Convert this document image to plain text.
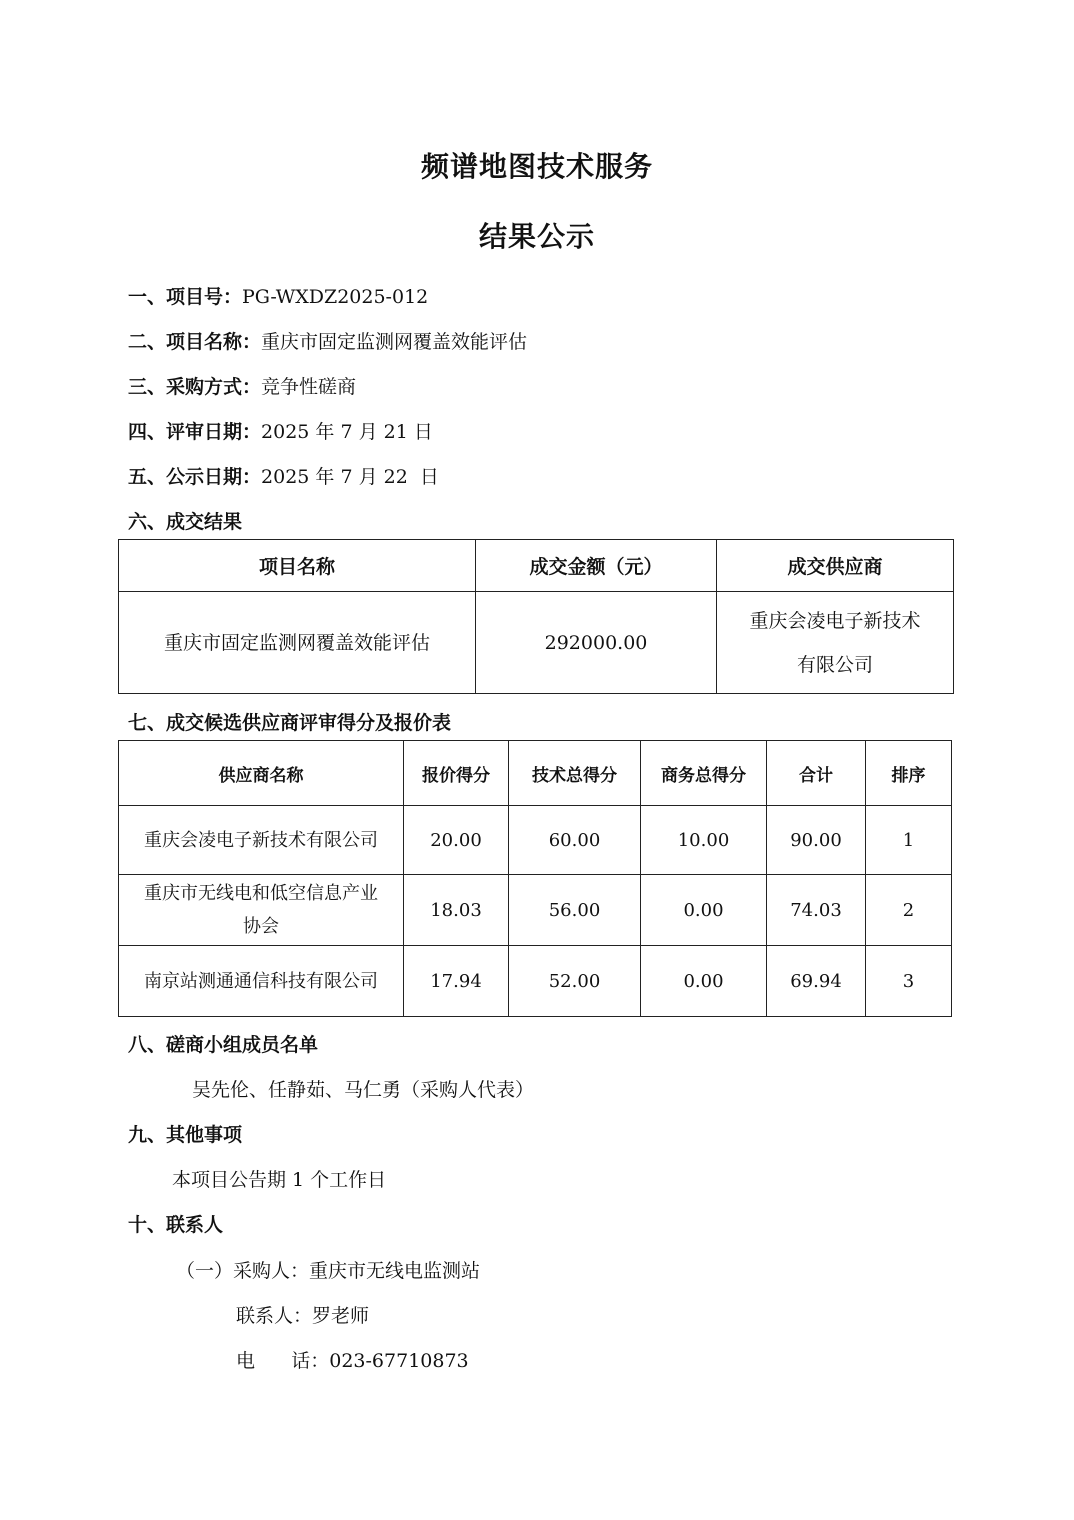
频谱地图技术服务
结果公示
一、项目号：PG-WXDZ2025-012
二、项目名称：重庆市固定监测网覆盖效能评估
三、采购方式：竞争性磋商
四、评审日期：2025 年 7 月 21 日
五、公示日期：2025 年 7 月 22  日
六、成交结果
项目名称	成交金额（元）	成交供应商
重庆市固定监测网覆盖效能评估	292000.00	重庆会凌电子新技术
有限公司
七、成交候选供应商评审得分及报价表
供应商名称	报价得分	技术总得分	商务总得分	合计	排序
重庆会凌电子新技术有限公司	20.00	60.00	10.00	90.00	1
重庆市无线电和低空信息产业
协会	18.03	56.00	0.00	74.03	2
南京站测通通信科技有限公司	17.94	52.00	0.00	69.94	3
八、磋商小组成员名单
吴先伦、任静茹、马仁勇（采购人代表）
九、其他事项
本项目公告期 1 个工作日
十、联系人
（一）采购人：重庆市无线电监测站
联系人：罗老师
电      话：023-67710873
